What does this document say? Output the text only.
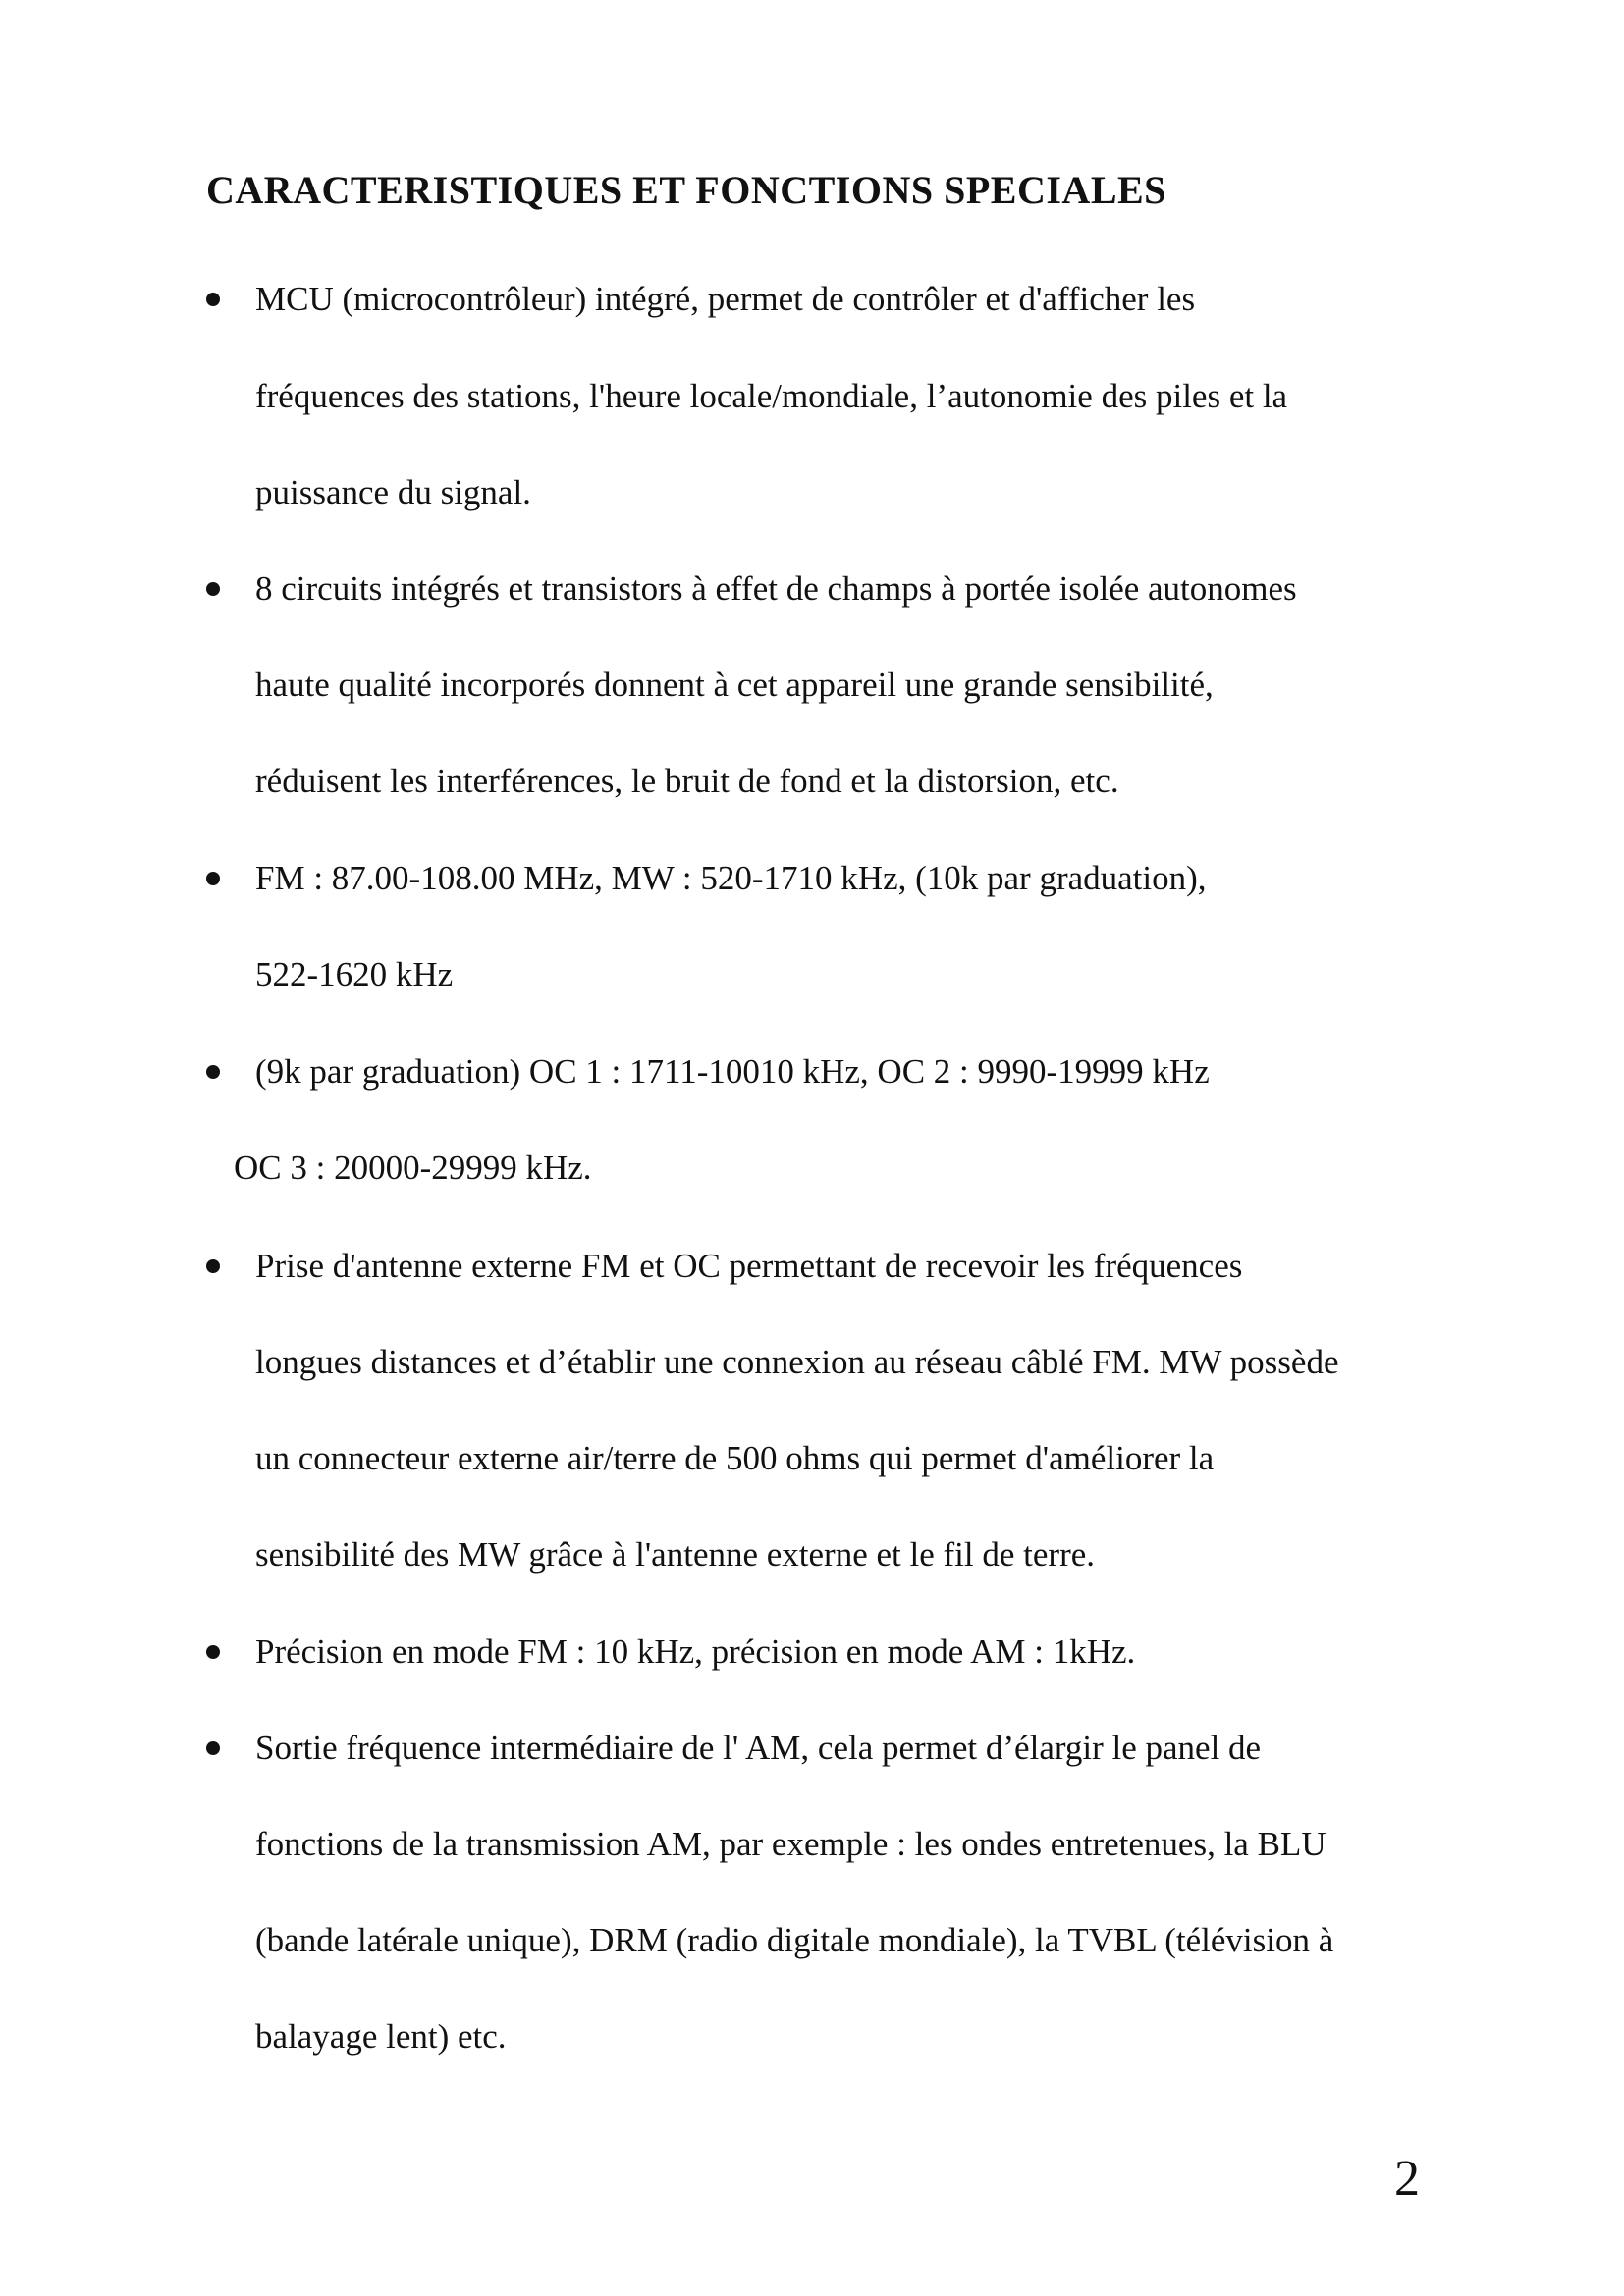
CARACTERISTIQUES ET FONCTIONS SPECIALES

MCU (microcontrôleur) intégré, permet de contrôler et d'afficher les

fréquences des stations, l'heure locale/mondiale, l’autonomie des piles et la

puissance du signal.

8 circuits intégrés et transistors à effet de champs à portée isolée autonomes

haute qualité incorporés donnent à cet appareil une grande sensibilité,

réduisent les interférences, le bruit de fond et la distorsion, etc.

FM : 87.00-108.00 MHz, MW : 520-1710 kHz, (10k par graduation),

522-1620 kHz

(9k par graduation) OC 1 : 1711-10010 kHz, OC 2 : 9990-19999 kHz

OC 3 : 20000-29999 kHz.

Prise d'antenne externe FM et OC permettant de recevoir les fréquences

longues distances et d’établir une connexion au réseau câblé FM. MW possède

un connecteur externe air/terre de 500 ohms qui permet d'améliorer la

sensibilité des MW grâce à l'antenne externe et le fil de terre.

Précision en mode FM : 10 kHz, précision en mode AM : 1kHz.

Sortie fréquence intermédiaire de l' AM, cela permet d’élargir le panel de

fonctions de la transmission AM, par exemple : les ondes entretenues, la BLU

(bande latérale unique), DRM (radio digitale mondiale), la TVBL (télévision à

balayage lent) etc.

2
